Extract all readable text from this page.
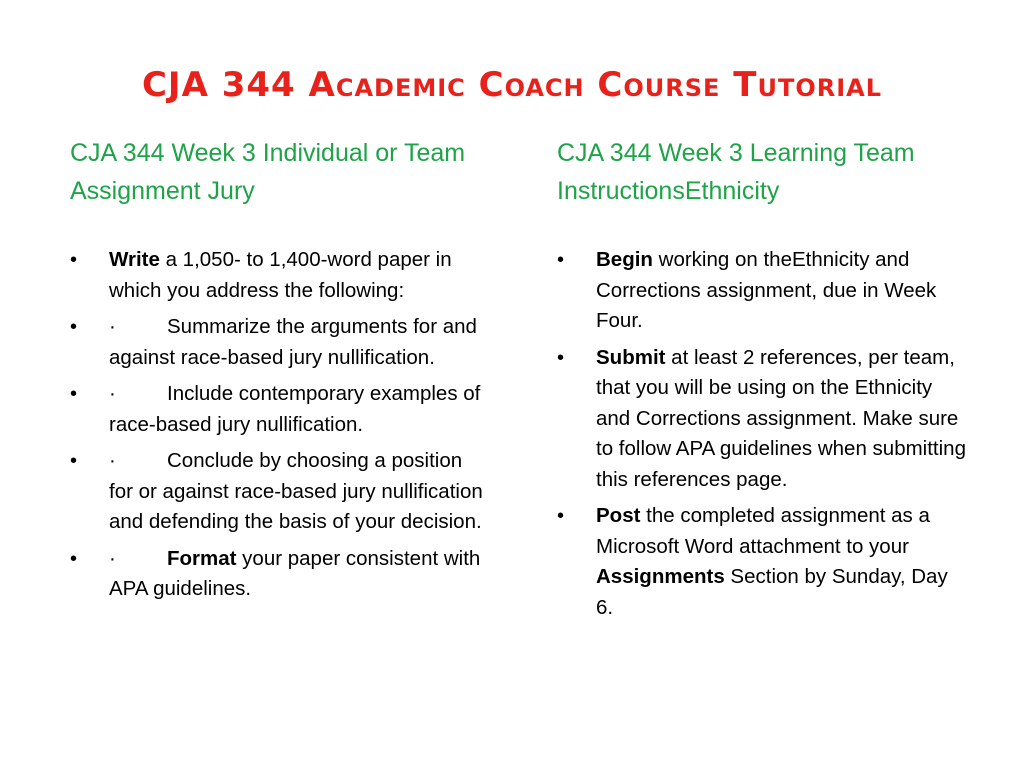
CJA 344 Academic Coach Course Tutorial
CJA 344 Week 3 Individual or Team Assignment Jury
CJA 344 Week 3 Learning Team InstructionsEthnicity
•	Write a 1,050- to 1,400-word paper in which you address the following:
•	· Summarize the arguments for and against race-based jury nullification.
•	· Include contemporary examples of race-based jury nullification.
•	· Conclude by choosing a position for or against race-based jury nullification and defending the basis of your decision.
•	· Format your paper consistent with APA guidelines.
•	Begin working on theEthnicity and Corrections assignment, due in Week Four.
•	Submit at least 2 references, per team, that you will be using on the Ethnicity and Corrections assignment. Make sure to follow APA guidelines when submitting this references page.
•	Post the completed assignment as a Microsoft Word attachment to your Assignments Section by Sunday, Day 6.
